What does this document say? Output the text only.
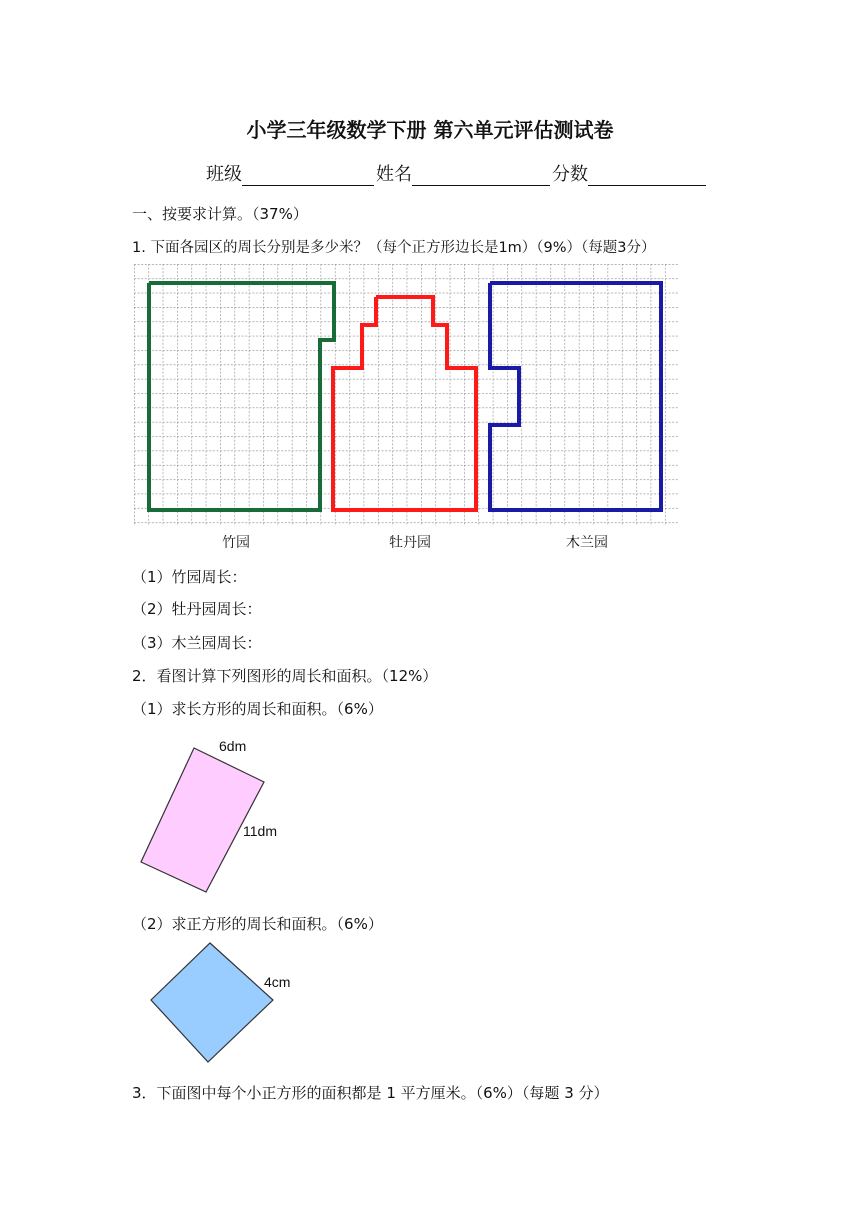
小学三年级数学下册 第六单元评估测试卷
班级	姓名	分数
一、按要求计算。（37%）
1. 下面各园区的周长分别是多少米？（每个正方形边长是1m）（9%）（每题3分）
竹园	牡丹园	木兰园
（1）竹园周长：
（2）牡丹园周长：
（3）木兰园周长：
2．看图计算下列图形的周长和面积。（12%）
（1）求长方形的周长和面积。（6%）
6dm
11dm
（2）求正方形的周长和面积。（6%）
4cm
3．下面图中每个小正方形的面积都是 1 平方厘米。（6%）（每题 3 分）
